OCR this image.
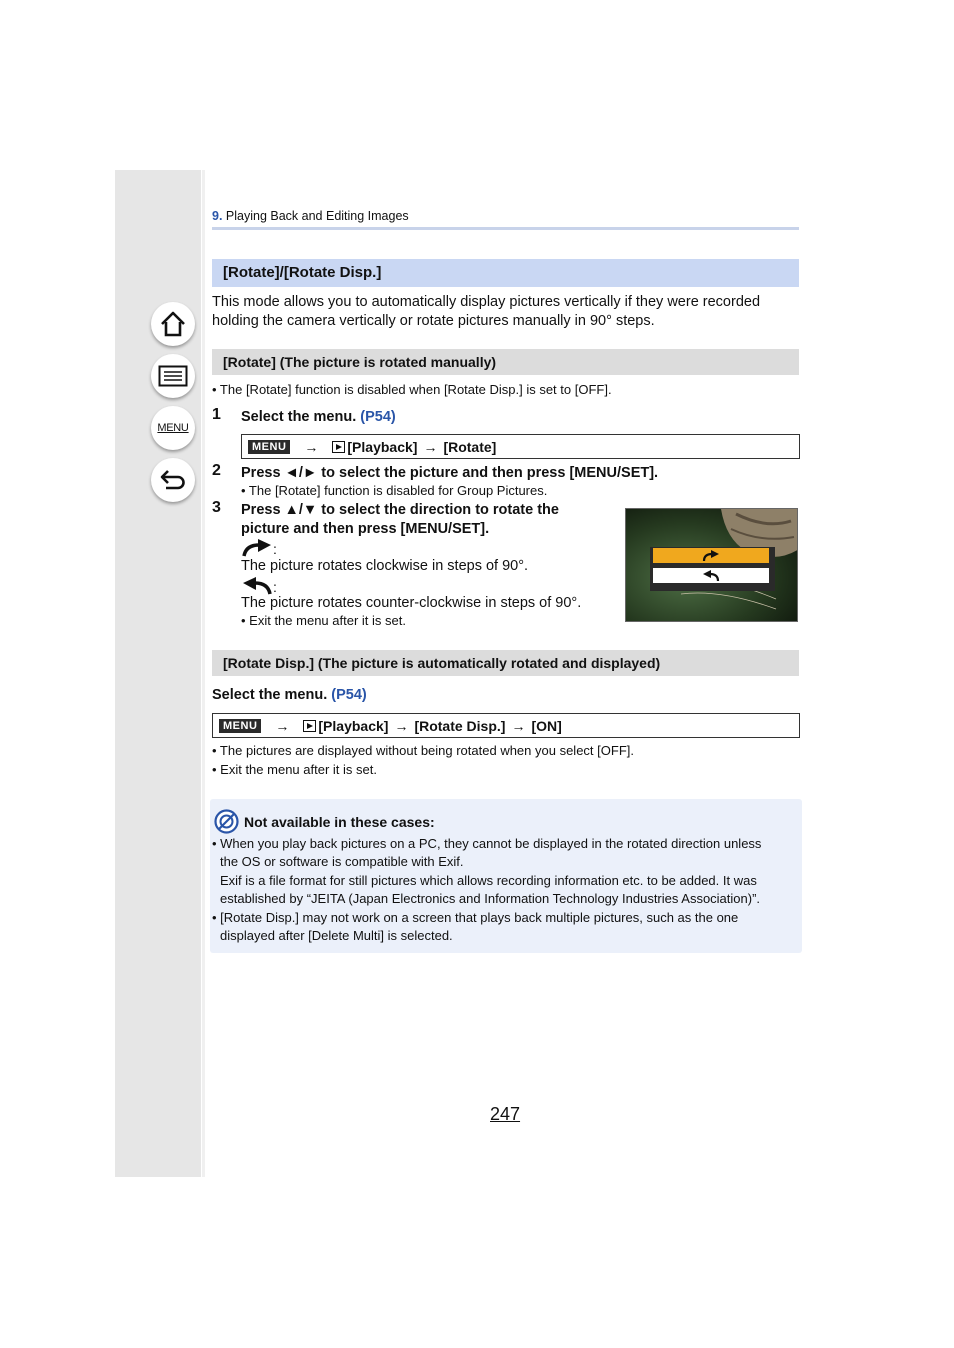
MENU
9. Playing Back and Editing Images
[Rotate]/[Rotate Disp.]
This mode allows you to automatically display pictures vertically if they were recorded
holding the camera vertically or rotate pictures manually in 90° steps.
[Rotate] (The picture is rotated manually)
• The [Rotate] function is disabled when [Rotate Disp.] is set to [OFF].
1 Select the menu. (P54)
MENU → [Playback] → [Rotate]
2 Press ◄/► to select the picture and then press [MENU/SET].
• The [Rotate] function is disabled for Group Pictures.
3 Press ▲/▼ to select the direction to rotate the
picture and then press [MENU/SET].
:
The picture rotates clockwise in steps of 90°.
:
The picture rotates counter-clockwise in steps of 90°.
• Exit the menu after it is set.
[Rotate Disp.] (The picture is automatically rotated and displayed)
Select the menu. (P54)
MENU → [Playback] → [Rotate Disp.] → [ON]
• The pictures are displayed without being rotated when you select [OFF].
• Exit the menu after it is set.
Not available in these cases:
• When you play back pictures on a PC, they cannot be displayed in the rotated direction unless
the OS or software is compatible with Exif.
Exif is a file format for still pictures which allows recording information etc. to be added. It was
established by “JEITA (Japan Electronics and Information Technology Industries Association)”.
• [Rotate Disp.] may not work on a screen that plays back multiple pictures, such as the one
displayed after [Delete Multi] is selected.
247
